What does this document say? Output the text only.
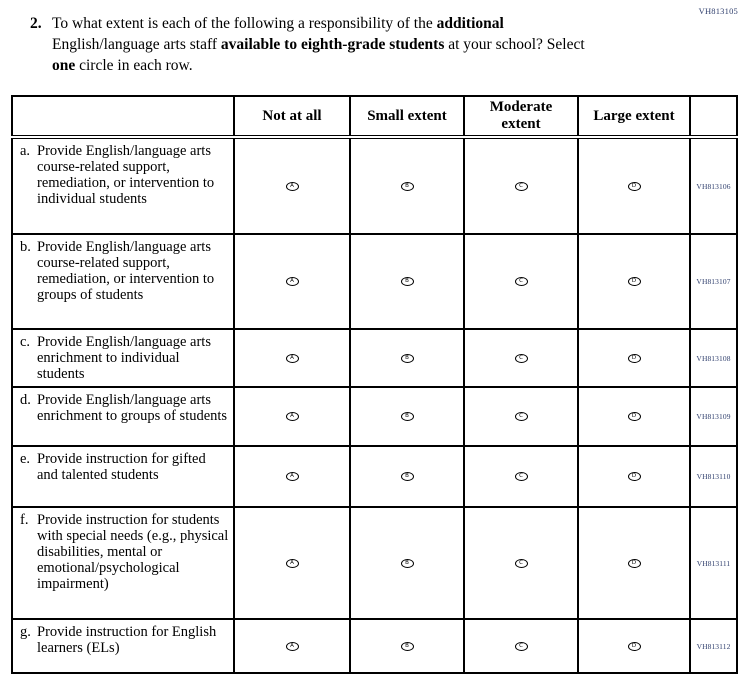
VH813105
2. To what extent is each of the following a responsibility of the additional
English/language arts staff available to eighth-grade students at your school? Select
one circle in each row.
	Not at all	Small extent	Moderate extent	Large extent	

a. Provide English/language arts course-related support, remediation, or intervention to individual students	A	B	C	D	VH813106

b. Provide English/language arts course-related support, remediation, or intervention to groups of students	A	B	C	D	VH813107

c. Provide English/language arts enrichment to individual students	A	B	C	D	VH813108

d. Provide English/language arts enrichment to groups of students	A	B	C	D	VH813109

e. Provide instruction for gifted and talented students	A	B	C	D	VH813110

f. Provide instruction for students with special needs (e.g., physical disabilities, mental or emotional/psychological impairment)	A	B	C	D	VH813111

g. Provide instruction for English learners (ELs)	A	B	C	D	VH813112
